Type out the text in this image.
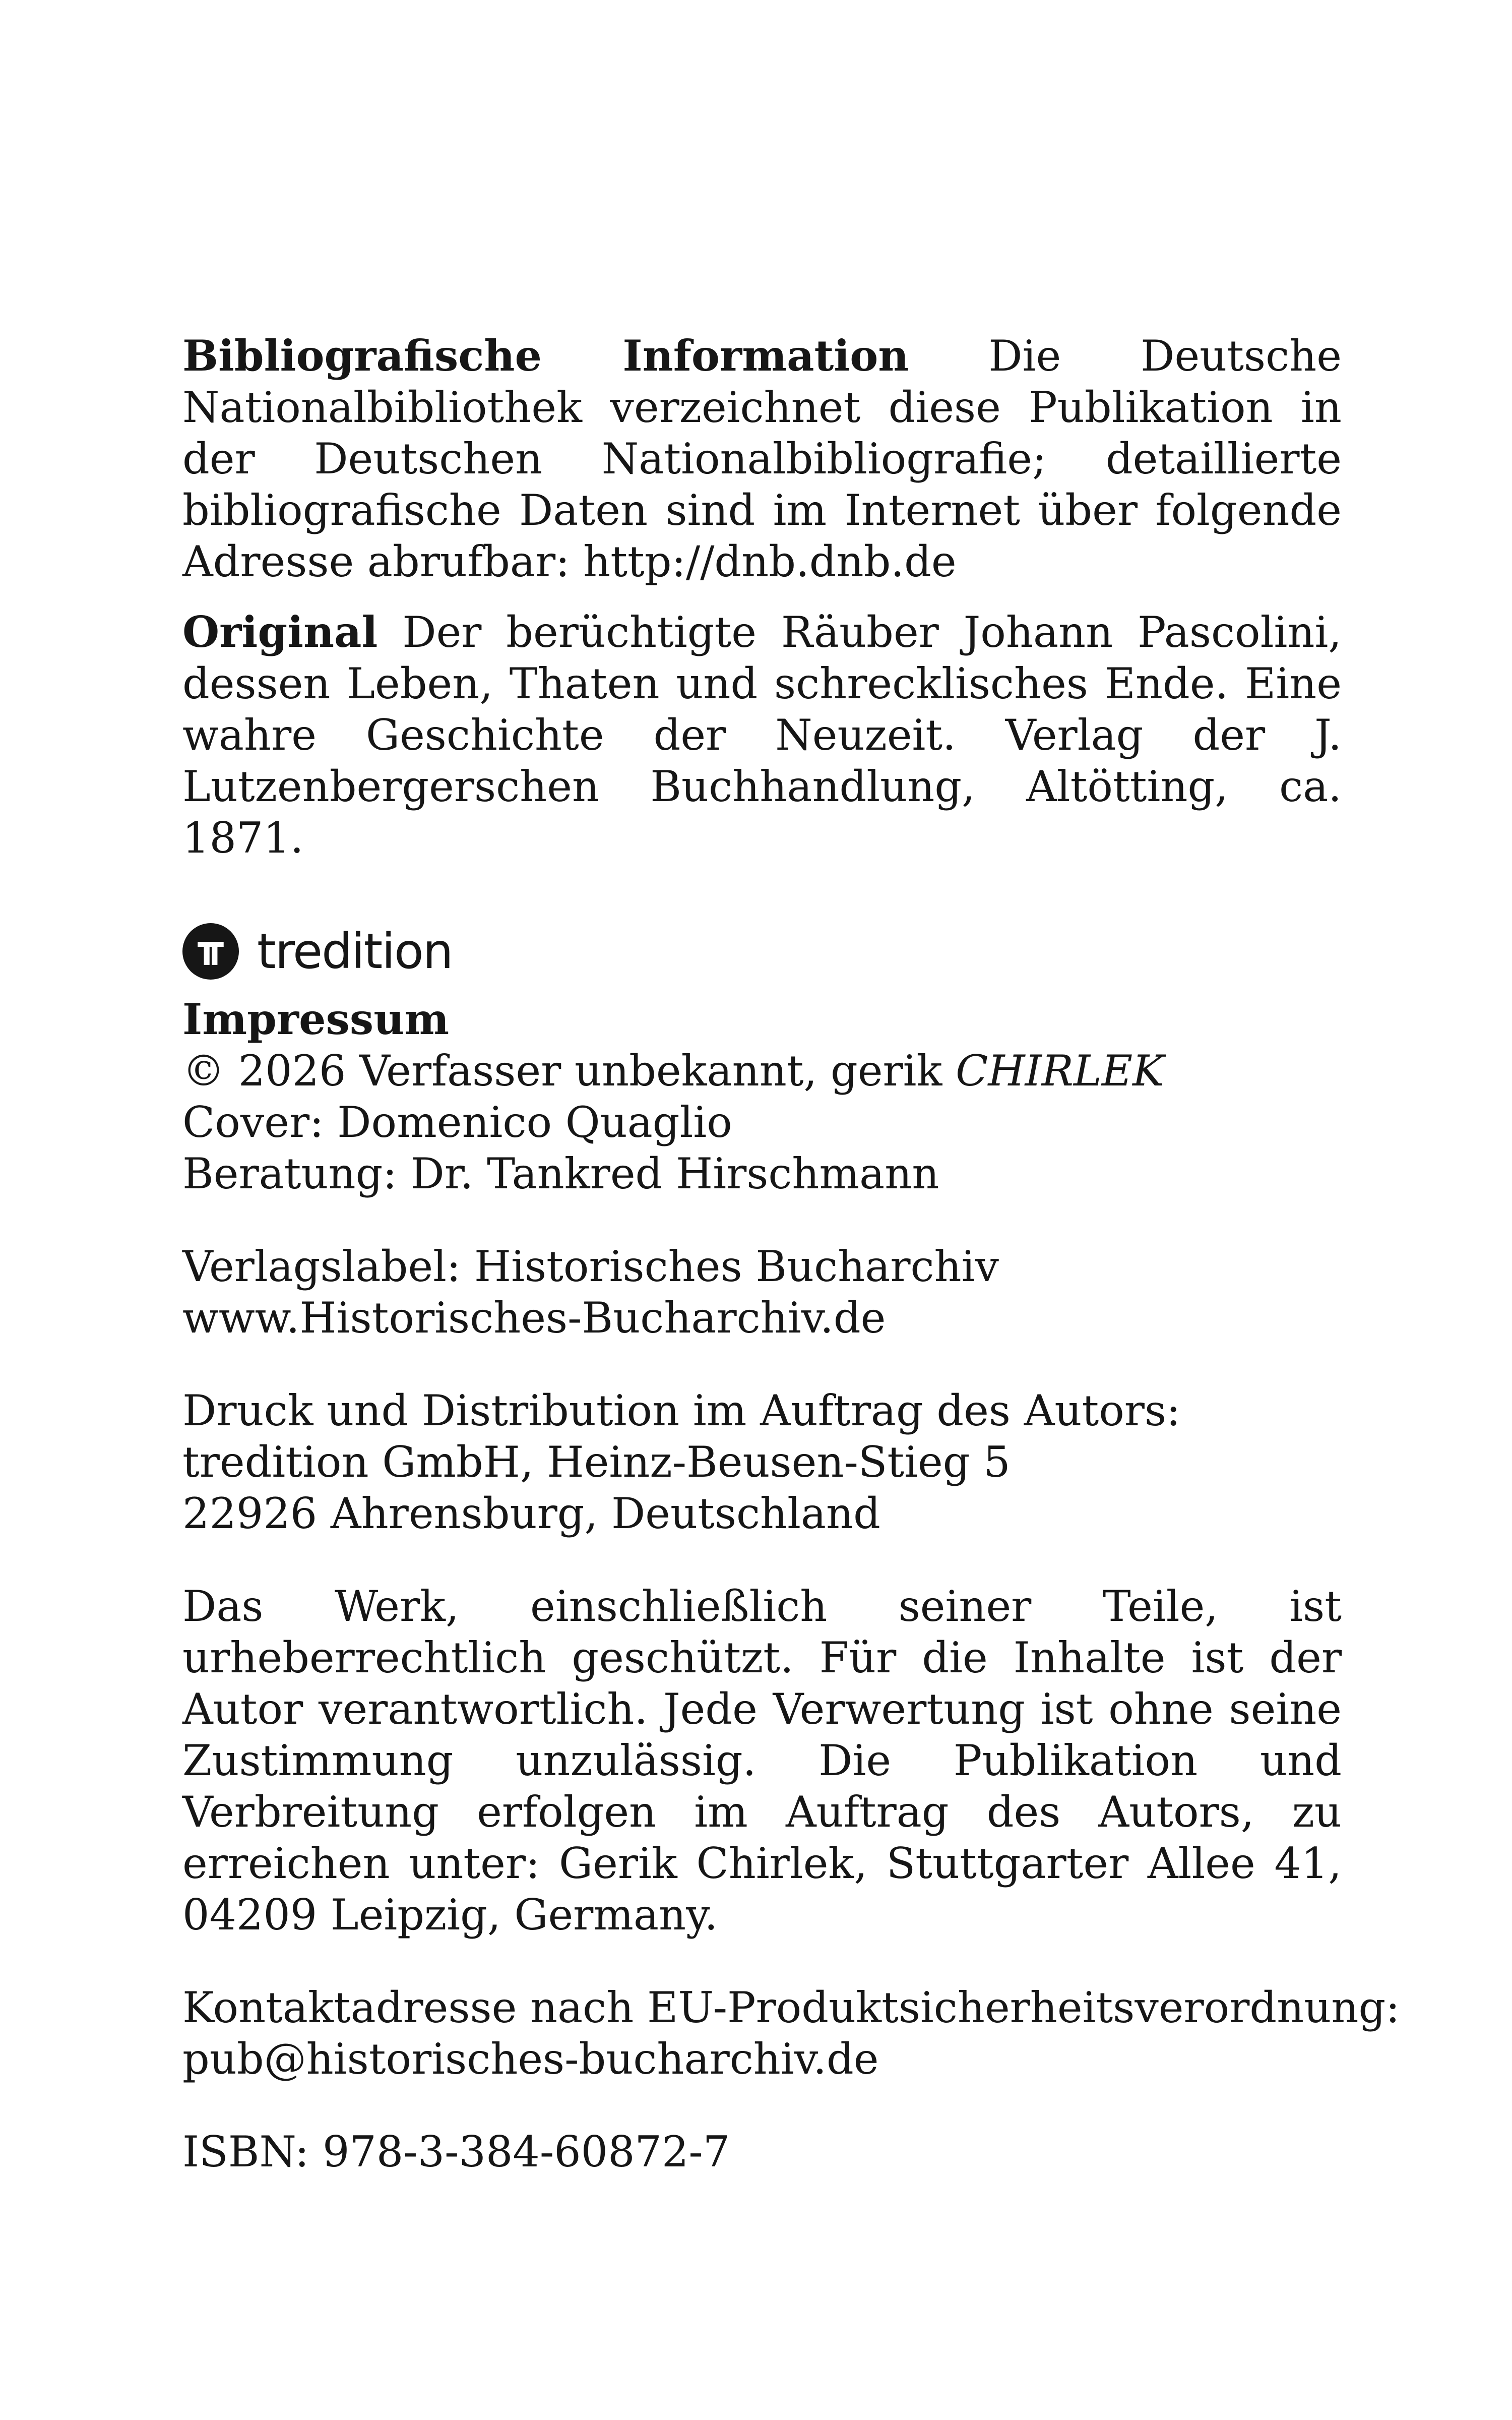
Bibliografische Information Die Deutsche Nationalbibliothek verzeichnet diese Publikation in der Deutschen Nationalbibliografie; detaillierte bibliografische Daten sind im Internet über folgende Adresse abrufbar: http://dnb.dnb.de

Original Der berüchtigte Räuber Johann Pascolini, dessen Leben, Thaten und schrecklisches Ende. Eine wahre Geschichte der Neuzeit. Verlag der J. Lutzenbergerschen Buchhandlung, Altötting, ca. 1871.

tredition
Impressum
© 2026 Verfasser unbekannt, gerik CHIRLEK
Cover: Domenico Quaglio
Beratung: Dr. Tankred Hirschmann
Verlagslabel: Historisches Bucharchiv
www.Historisches-Bucharchiv.de
Druck und Distribution im Auftrag des Autors:
tredition GmbH, Heinz-Beusen-Stieg 5
22926 Ahrensburg, Deutschland

Das Werk, einschließlich seiner Teile, ist urheberrechtlich geschützt. Für die Inhalte ist der Autor verantwortlich. Jede Verwertung ist ohne seine Zustimmung unzulässig. Die Publikation und Verbreitung erfolgen im Auftrag des Autors, zu erreichen unter: Gerik Chirlek, Stuttgarter Allee 41, 04209 Leipzig, Germany.

Kontaktadresse nach EU-Produktsicherheitsverordnung:
pub@historisches-bucharchiv.de
ISBN: 978-3-384-60872-7
